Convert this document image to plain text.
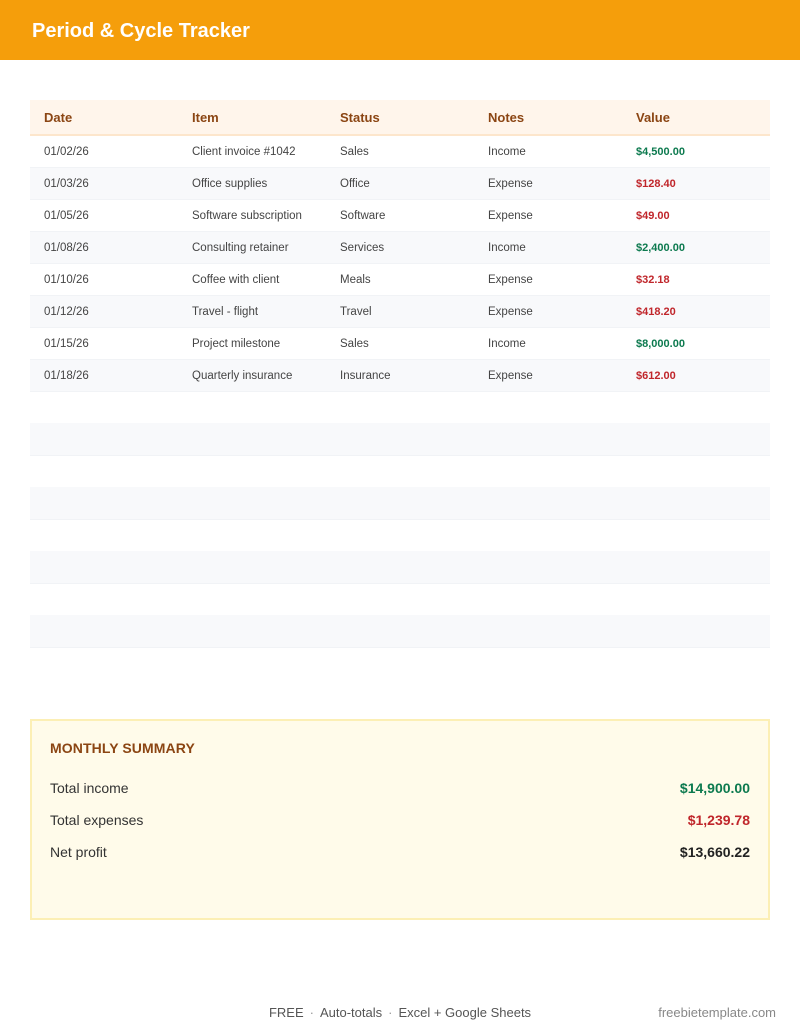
Period & Cycle Tracker
Date	Item	Status	Notes	Value
01/02/26	Client invoice #1042	Sales	Income	$4,500.00
01/03/26	Office supplies	Office	Expense	$128.40
01/05/26	Software subscription	Software	Expense	$49.00
01/08/26	Consulting retainer	Services	Income	$2,400.00
01/10/26	Coffee with client	Meals	Expense	$32.18
01/12/26	Travel - flight	Travel	Expense	$418.20
01/15/26	Project milestone	Sales	Income	$8,000.00
01/18/26	Quarterly insurance	Insurance	Expense	$612.00
MONTHLY SUMMARY
Total income	$14,900.00
Total expenses	$1,239.78
Net profit	$13,660.22
FREE · Auto-totals · Excel + Google Sheets	freebietemplate.com
